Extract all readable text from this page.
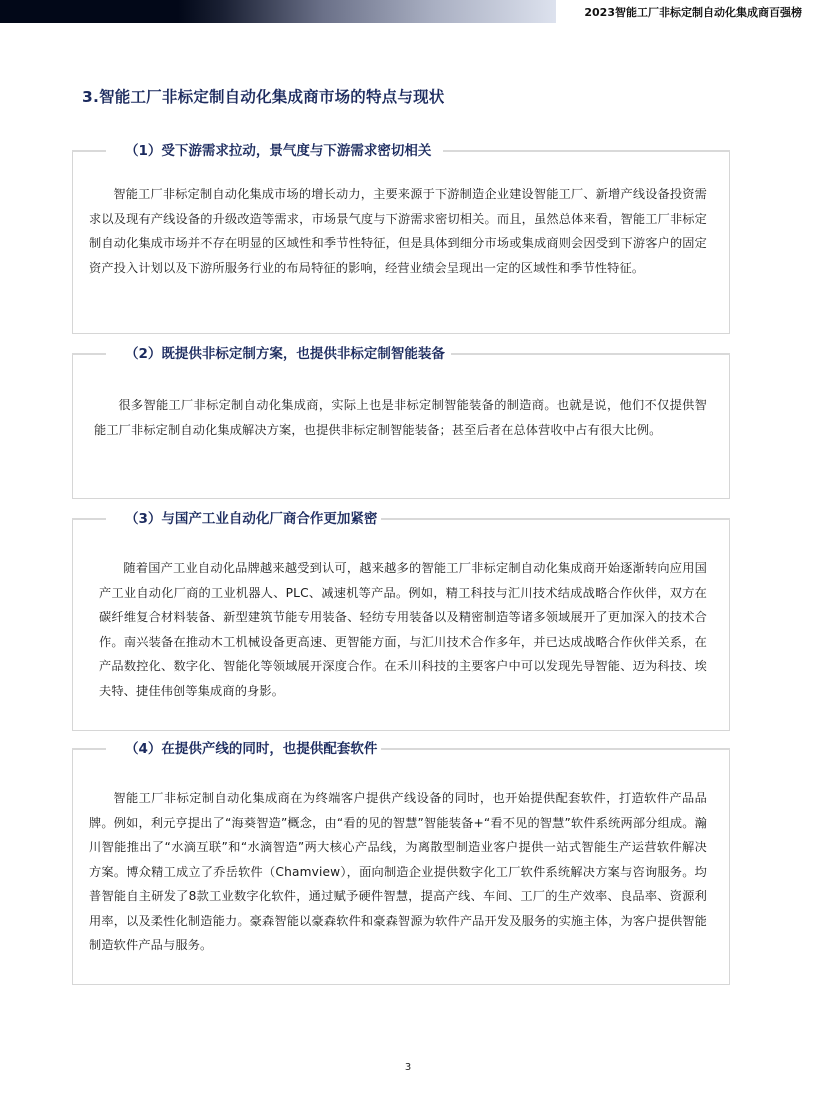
2023智能工厂非标定制自动化集成商百强榜
3.智能工厂非标定制自动化集成商市场的特点与现状
（1）受下游需求拉动，景气度与下游需求密切相关
智能工厂非标定制自动化集成市场的增长动力，主要来源于下游制造企业建设智能工厂、新增产线设备投资需求以及现有产线设备的升级改造等需求，市场景气度与下游需求密切相关。而且，虽然总体来看，智能工厂非标定制自动化集成市场并不存在明显的区域性和季节性特征，但是具体到细分市场或集成商则会因受到下游客户的固定资产投入计划以及下游所服务行业的布局特征的影响，经营业绩会呈现出一定的区域性和季节性特征。
（2）既提供非标定制方案，也提供非标定制智能装备
很多智能工厂非标定制自动化集成商，实际上也是非标定制智能装备的制造商。也就是说，他们不仅提供智能工厂非标定制自动化集成解决方案，也提供非标定制智能装备；甚至后者在总体营收中占有很大比例。
（3）与国产工业自动化厂商合作更加紧密
随着国产工业自动化品牌越来越受到认可，越来越多的智能工厂非标定制自动化集成商开始逐渐转向应用国产工业自动化厂商的工业机器人、PLC、减速机等产品。例如，精工科技与汇川技术结成战略合作伙伴，双方在碳纤维复合材料装备、新型建筑节能专用装备、轻纺专用装备以及精密制造等诸多领域展开了更加深入的技术合作。南兴装备在推动木工机械设备更高速、更智能方面，与汇川技术合作多年，并已达成战略合作伙伴关系，在产品数控化、数字化、智能化等领域展开深度合作。在禾川科技的主要客户中可以发现先导智能、迈为科技、埃夫特、捷佳伟创等集成商的身影。
（4）在提供产线的同时，也提供配套软件
智能工厂非标定制自动化集成商在为终端客户提供产线设备的同时，也开始提供配套软件，打造软件产品品牌。例如，利元亨提出了“海葵智造”概念，由“看的见的智慧”智能装备+“看不见的智慧”软件系统两部分组成。瀚川智能推出了“水滴互联”和“水滴智造”两大核心产品线，为离散型制造业客户提供一站式智能生产运营软件解决方案。博众精工成立了乔岳软件（Chamview），面向制造企业提供数字化工厂软件系统解决方案与咨询服务。均普智能自主研发了8款工业数字化软件，通过赋予硬件智慧，提高产线、车间、工厂的生产效率、良品率、资源利用率，以及柔性化制造能力。豪森智能以豪森软件和豪森智源为软件产品开发及服务的实施主体，为客户提供智能制造软件产品与服务。
3
